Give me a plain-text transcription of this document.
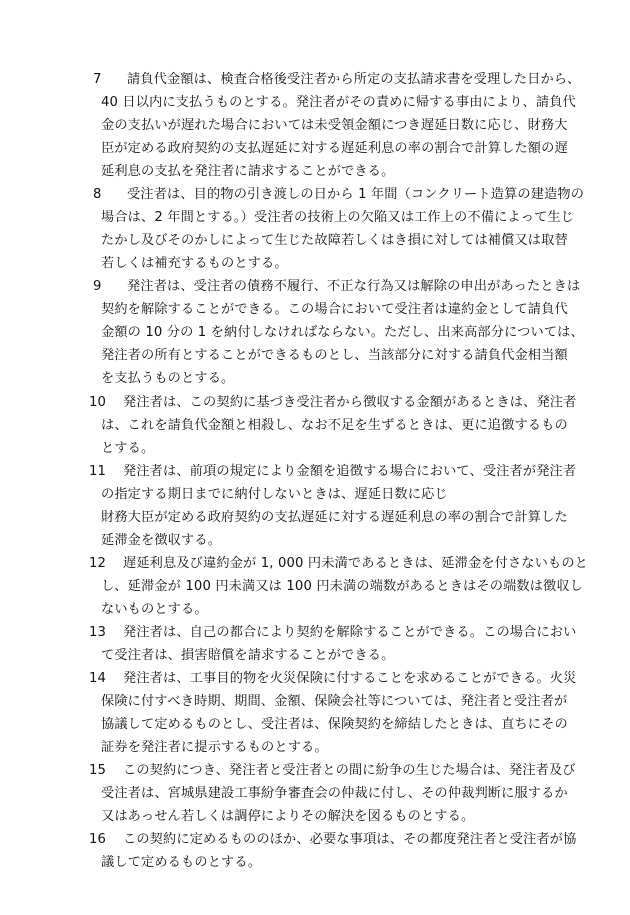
7 請負代金額は、検査合格後受注者から所定の支払請求書を受理した日から、
40 日以内に支払うものとする。発注者がその責めに帰する事由により、請負代
金の支払いが遅れた場合においては未受領金額につき遅延日数に応じ、財務大
臣が定める政府契約の支払遅延に対する遅延利息の率の割合で計算した額の遅
延利息の支払を発注者に請求することができる。
8 受注者は、目的物の引き渡しの日から 1 年間（コンクリート造算の建造物の
場合は、2 年間とする。）受注者の技術上の欠陥又は工作上の不備によって生じ
たかし及びそのかしによって生じた故障若しくはき損に対しては補償又は取替
若しくは補充するものとする。
9 発注者は、受注者の債務不履行、不正な行為又は解除の申出があったときは
契約を解除することができる。この場合において受注者は違約金として請負代
金額の 10 分の 1 を納付しなければならない。ただし、出来高部分については、
発注者の所有とすることができるものとし、当該部分に対する請負代金相当額
を支払うものとする。
10 発注者は、この契約に基づき受注者から徴収する金額があるときは、発注者
は、これを請負代金額と相殺し、なお不足を生ずるときは、更に追徴するもの
とする。
11 発注者は、前項の規定により金額を追徴する場合において、受注者が発注者
の指定する期日までに納付しないときは、遅延日数に応じ
財務大臣が定める政府契約の支払遅延に対する遅延利息の率の割合で計算した
延滞金を徴収する。
12 遅延利息及び違約金が 1, 000 円未満であるときは、延滞金を付さないものと
し、延滞金が 100 円未満又は 100 円未満の端数があるときはその端数は徴収し
ないものとする。
13 発注者は、自己の都合により契約を解除することができる。この場合におい
て受注者は、損害賠償を請求することができる。
14 発注者は、工事目的物を火災保険に付することを求めることができる。火災
保険に付すべき時期、期間、金額、保険会社等については、発注者と受注者が
協議して定めるものとし、受注者は、保険契約を締結したときは、直ちにその
証券を発注者に提示するものとする。
15 この契約につき、発注者と受注者との間に紛争の生じた場合は、発注者及び
受注者は、宮城県建設工事紛争審査会の仲裁に付し、その仲裁判断に服するか
又はあっせん若しくは調停によりその解決を図るものとする。
16 この契約に定めるもののほか、必要な事項は、その都度発注者と受注者が協
議して定めるものとする。
